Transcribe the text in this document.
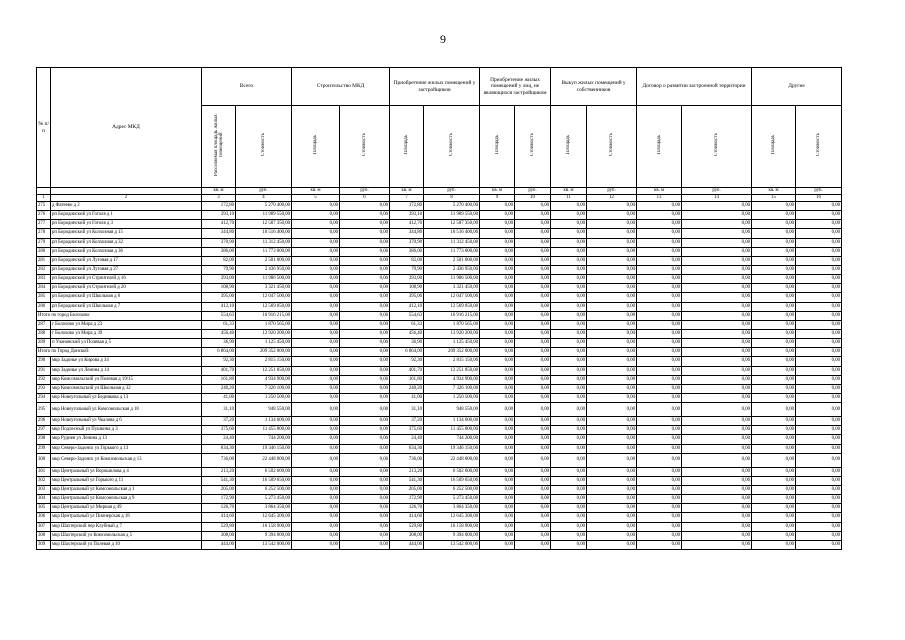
9
№ п/п	Адрес МКД	Всего		Строительство МКД		Приобретение жилых помещений у застройщиков		Приобретение жилых помещений у лиц, не являющихся застройщиком		Выкуп жилых помещений у собственников		Договор о развитии застроенной территории		Другие	
		Расселяемая площадь жилых помещений	Стоимость	Площадь	Стоимость	Площадь	Стоимость	Площадь	Стоимость	Площадь	Стоимость	Площадь	Стоимость	Площадь	Стоимость
		кв. м	руб.	кв. м	руб.	кв. м	руб.	кв. м	руб.	кв. м	руб.	кв. м	руб.	кв. м	руб.
1	2	3	4	5	6	7	8	9	10	11	12	13	14	15	16
275	д Фатеево д 2	172,80	5 270 400,00	0,00	0,00	172,80	5 270 400,00	0,00	0,00	0,00	0,00	0,00	0,00	0,00	0,00
276	рп Бородинский ул Гоголя д 1	393,10	11 989 550,00	0,00	0,00	393,10	11 989 550,00	0,00	0,00	0,00	0,00	0,00	0,00	0,00	0,00
277	рп Бородинский ул Гоголя д 3	412,70	12 587 350,00	0,00	0,00	412,70	12 587 350,00	0,00	0,00	0,00	0,00	0,00	0,00	0,00	0,00
278	рп Бородинский ул Колхозная д 15	344,80	10 516 400,00	0,00	0,00	344,80	10 516 400,00	0,00	0,00	0,00	0,00	0,00	0,00	0,00	0,00
279	рп Бородинский ул Колхозная д 32	370,90	11 312 450,00	0,00	0,00	370,90	11 312 450,00	0,00	0,00	0,00	0,00	0,00	0,00	0,00	0,00
280	рп Бородинский ул Колхозная д 36	386,00	11 773 000,00	0,00	0,00	386,00	11 773 000,00	0,00	0,00	0,00	0,00	0,00	0,00	0,00	0,00
281	рп Бородинский ул Луговая д 17	82,00	2 501 000,00	0,00	0,00	82,00	2 501 000,00	0,00	0,00	0,00	0,00	0,00	0,00	0,00	0,00
282	рп Бородинский ул Луговая д 27	79,90	2 436 950,00	0,00	0,00	79,90	2 436 950,00	0,00	0,00	0,00	0,00	0,00	0,00	0,00	0,00
283	рп Бородинский ул Строителей д 16	393,00	11 986 500,00	0,00	0,00	393,00	11 986 500,00	0,00	0,00	0,00	0,00	0,00	0,00	0,00	0,00
284	рп Бородинский ул Строителей д 20	108,90	3 321 450,00	0,00	0,00	108,90	3 321 450,00	0,00	0,00	0,00	0,00	0,00	0,00	0,00	0,00
285	рп Бородинский ул Школьная д 6	395,00	12 047 500,00	0,00	0,00	395,00	12 047 500,00	0,00	0,00	0,00	0,00	0,00	0,00	0,00	0,00
286	рп Бородинский ул Школьная д 7	412,10	12 569 050,00	0,00	0,00	412,10	12 569 050,00	0,00	0,00	0,00	0,00	0,00	0,00	0,00	0,00
Итого по город Болохово:		554,63	16 916 215,00	0,00	0,00	554,63	16 916 215,00	0,00	0,00	0,00	0,00	0,00	0,00	0,00	0,00
287	г Болохово ул Мира д 23	61,33	1 870 565,00	0,00	0,00	61,33	1 870 565,00	0,00	0,00	0,00	0,00	0,00	0,00	0,00	0,00
288	г Болохово ул Мира д 39	456,40	13 920 200,00	0,00	0,00	456,40	13 920 200,00	0,00	0,00	0,00	0,00	0,00	0,00	0,00	0,00
289	п Улановский ул Полевая д 5	36,90	1 125 450,00	0,00	0,00	36,90	1 125 450,00	0,00	0,00	0,00	0,00	0,00	0,00	0,00	0,00
Итого по Город Донской:		6 864,00	209 352 000,00	0,00	0,00	6 864,00	209 352 000,00	0,00	0,00	0,00	0,00	0,00	0,00	0,00	0,00
290	мкр Задонье ул Кирова д 34	92,30	2 815 150,00	0,00	0,00	92,30	2 815 150,00	0,00	0,00	0,00	0,00	0,00	0,00	0,00	0,00
291	мкр Задонье ул Ленина д 14	401,70	12 251 850,00	0,00	0,00	401,70	12 251 850,00	0,00	0,00	0,00	0,00	0,00	0,00	0,00	0,00
292	мкр Комсомольский ул Полевая д 19/15	161,80	4 934 900,00	0,00	0,00	161,80	4 934 900,00	0,00	0,00	0,00	0,00	0,00	0,00	0,00	0,00
293	мкр Комсомольский ул Школьная д 32	240,20	7 326 100,00	0,00	0,00	240,20	7 326 100,00	0,00	0,00	0,00	0,00	0,00	0,00	0,00	0,00
294	мкр Новоугольный ул Беднякова д 13	41,00	1 250 500,00	0,00	0,00	41,00	1 250 500,00	0,00	0,00	0,00	0,00	0,00	0,00	0,00	0,00
295	мкр Новоугольный ул Комсомольская д 18	31,10	948 550,00	0,00	0,00	31,10	948 550,00	0,00	0,00	0,00	0,00	0,00	0,00	0,00	0,00
296	мкр Новоугольный ул Чкалова д 6	37,20	1 134 600,00	0,00	0,00	37,20	1 134 600,00	0,00	0,00	0,00	0,00	0,00	0,00	0,00	0,00
297	мкр Подлесный ул Пушкина д 3	375,60	11 455 800,00	0,00	0,00	375,60	11 455 800,00	0,00	0,00	0,00	0,00	0,00	0,00	0,00	0,00
298	мкр Руднев ул Ленина д 13	24,40	744 200,00	0,00	0,00	24,40	744 200,00	0,00	0,00	0,00	0,00	0,00	0,00	0,00	0,00
299	мкр Северо-Задонск ул Горького д 13	634,30	19 346 150,00	0,00	0,00	634,30	19 346 150,00	0,00	0,00	0,00	0,00	0,00	0,00	0,00	0,00
300	мкр Северо-Задонск ул Комсомольская д 13	736,00	22 448 000,00	0,00	0,00	736,00	22 448 000,00	0,00	0,00	0,00	0,00	0,00	0,00	0,00	0,00
301	мкр Центральный ул Ворошилова д 4	213,20	6 502 600,00	0,00	0,00	213,20	6 502 600,00	0,00	0,00	0,00	0,00	0,00	0,00	0,00	0,00
302	мкр Центральный ул Горького д 11	541,30	16 509 650,00	0,00	0,00	541,30	16 509 650,00	0,00	0,00	0,00	0,00	0,00	0,00	0,00	0,00
303	мкр Центральный ул Комсомольская д 1	205,00	6 252 500,00	0,00	0,00	205,00	6 252 500,00	0,00	0,00	0,00	0,00	0,00	0,00	0,00	0,00
304	мкр Центральный ул Комсомольская д 9	172,90	5 273 450,00	0,00	0,00	172,90	5 273 450,00	0,00	0,00	0,00	0,00	0,00	0,00	0,00	0,00
305	мкр Центральный ул Мирная д 49	126,70	3 864 350,00	0,00	0,00	126,70	3 864 350,00	0,00	0,00	0,00	0,00	0,00	0,00	0,00	0,00
306	мкр Центральный ул Пионерская д 18	414,60	12 645 300,00	0,00	0,00	414,60	12 645 300,00	0,00	0,00	0,00	0,00	0,00	0,00	0,00	0,00
307	мкр Шахтерский пер Клубный д 7	529,80	16 158 900,00	0,00	0,00	529,80	16 158 900,00	0,00	0,00	0,00	0,00	0,00	0,00	0,00	0,00
308	мкр Шахтерский ул Комсомольская д 5	308,00	9 394 000,00	0,00	0,00	308,00	9 394 000,00	0,00	0,00	0,00	0,00	0,00	0,00	0,00	0,00
309	мкр Шахтерский ул Полевая д 10	444,00	13 542 000,00	0,00	0,00	444,00	13 542 000,00	0,00	0,00	0,00	0,00	0,00	0,00	0,00	0,00
